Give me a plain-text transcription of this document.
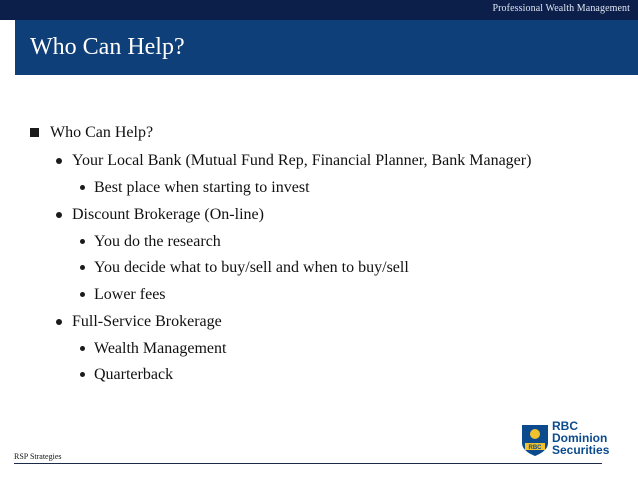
Professional Wealth Management
Who Can Help?
Who Can Help?
Your Local Bank (Mutual Fund Rep, Financial Planner, Bank Manager)
Best place when starting to invest
Discount Brokerage (On-line)
You do the research
You decide what to buy/sell and when to buy/sell
Lower fees
Full-Service Brokerage
Wealth Management
Quarterback
RSP Strategies
RBC
RBC
Dominion
Securities
